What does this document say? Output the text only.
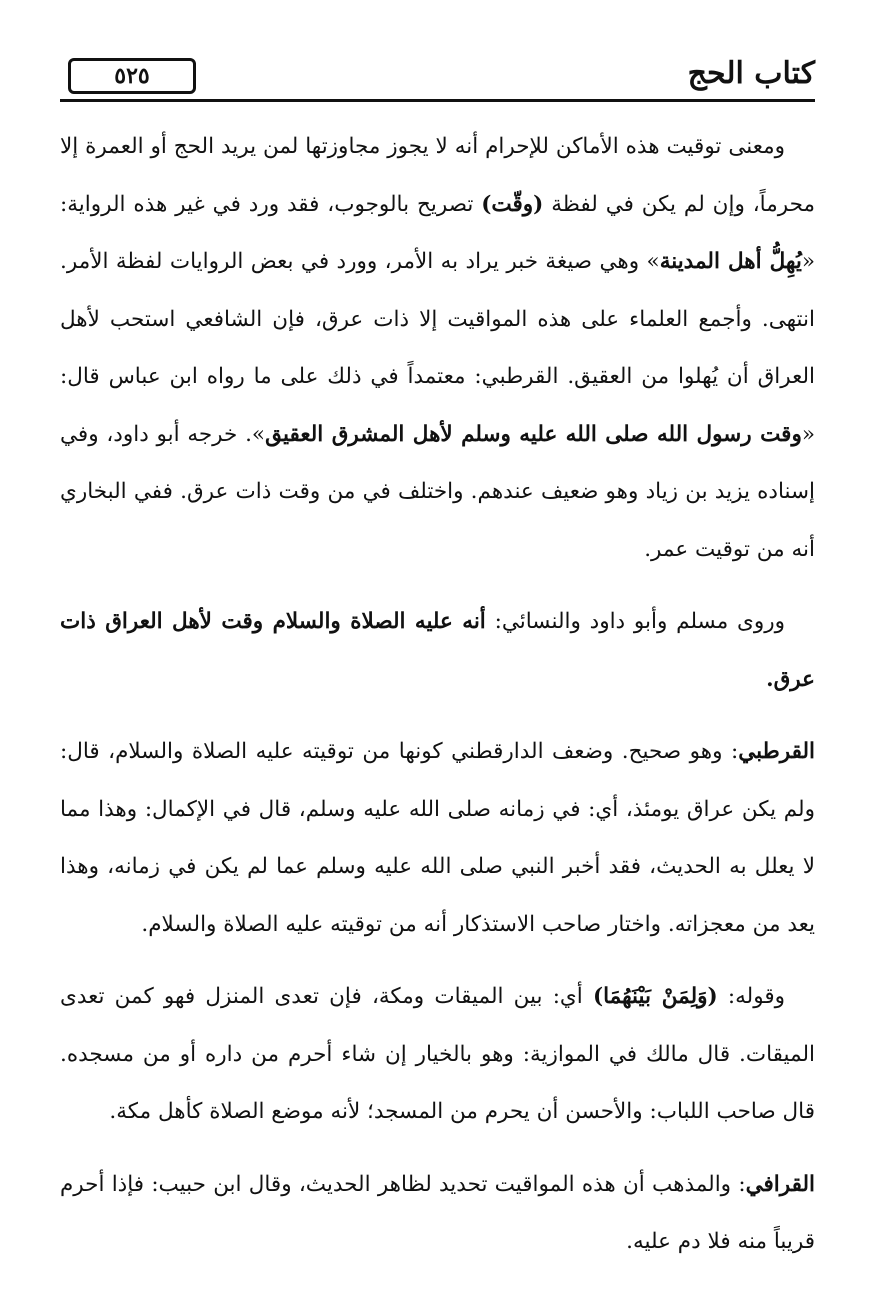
٥٢٥	كتاب الحج

ومعنى توقيت هذه الأماكن للإحرام أنه لا يجوز مجاوزتها لمن يريد الحج أو العمرة إلا محرماً، وإن لم يكن في لفظة (وقّت) تصريح بالوجوب، فقد ورد في غير هذه الرواية: «يُهِلُّ أهل المدينة» وهي صيغة خبر يراد به الأمر، وورد في بعض الروايات لفظة الأمر. انتهى. وأجمع العلماء على هذه المواقيت إلا ذات عرق، فإن الشافعي استحب لأهل العراق أن يُهلوا من العقيق. القرطبي: معتمداً في ذلك على ما رواه ابن عباس قال: «وقت رسول الله صلى الله عليه وسلم لأهل المشرق العقيق». خرجه أبو داود، وفي إسناده يزيد بن زياد وهو ضعيف عندهم. واختلف في من وقت ذات عرق. ففي البخاري أنه من توقيت عمر.

وروى مسلم وأبو داود والنسائي: أنه عليه الصلاة والسلام وقت لأهل العراق ذات عرق.

القرطبي: وهو صحيح. وضعف الدارقطني كونها من توقيته عليه الصلاة والسلام، قال: ولم يكن عراق يومئذ، أي: في زمانه صلى الله عليه وسلم، قال في الإكمال: وهذا مما لا يعلل به الحديث، فقد أخبر النبي صلى الله عليه وسلم عما لم يكن في زمانه، وهذا يعد من معجزاته. واختار صاحب الاستذكار أنه من توقيته عليه الصلاة والسلام.

وقوله: (وَلِمَنْ بَيْنَهُمَا) أي: بين الميقات ومكة، فإن تعدى المنزل فهو كمن تعدى الميقات. قال مالك في الموازية: وهو بالخيار إن شاء أحرم من داره أو من مسجده. قال صاحب اللباب: والأحسن أن يحرم من المسجد؛ لأنه موضع الصلاة كأهل مكة.

القرافي: والمذهب أن هذه المواقيت تحديد لظاهر الحديث، وقال ابن حبيب: فإذا أحرم قريباً منه فلا دم عليه.
